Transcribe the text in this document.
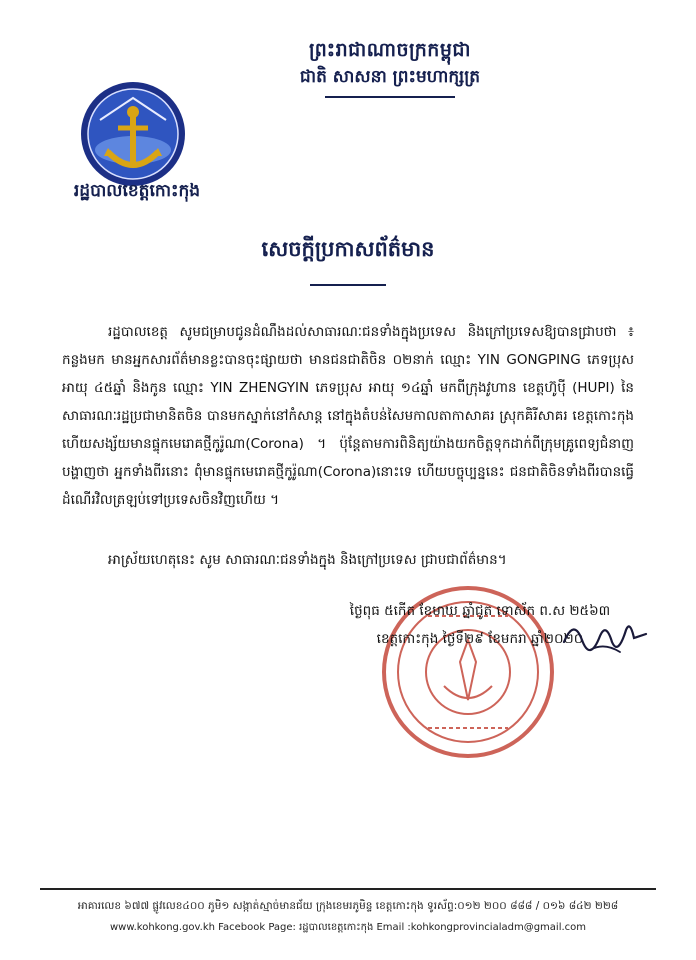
ព្រះរាជាណាចក្រកម្ពុជា
ជាតិ សាសនា ព្រះមហាក្សត្រ
រដ្ឋបាលខេត្តកោះកុង
សេចក្តីប្រកាសព័ត៌មាន
រដ្ឋបាលខេត្ត សូមជម្រាបជូនដំណឹងដល់សាធារណៈជនទាំងក្នុងប្រទេស និងក្រៅប្រទេសឱ្យបានជ្រាបថា ៖ កន្លងមក មានអ្នកសារព័ត៌មានខ្លះបានចុះផ្សាយថា មានជនជាតិចិន ០២នាក់ ឈ្មោះ YIN GONGPING ភេទប្រុស អាយុ ៤៥ឆ្នាំ និងកូន ឈ្មោះ YIN ZHENGYIN ភេទប្រុស អាយុ ១៤ឆ្នាំ មកពីក្រុងវូហាន ខេត្តហ៊ូប៉ី (HUPI) នៃសាធារណៈរដ្ឋប្រជាមានិតចិន បានមកស្នាក់នៅកំសាន្ត នៅក្នុងតំបន់សៃមកាលតាកាសាគរ ស្រុកគិរីសាគរ ខេត្តកោះកុង ហើយសង្ស័យមានផ្ទុកមេរោគថ្មីកូរ៉ូណា(Corona) ។ ប៉ុន្តែតាមការពិនិត្យយ៉ាងយកចិត្តទុកដាក់ពីក្រុមគ្រូពេទ្យជំនាញបង្ហាញថា អ្នកទាំងពីរនោះ ពុំមានផ្ទុកមេរោគថ្មីកូរ៉ូណា(Corona)នោះទេ ហើយបច្ចុប្បន្ននេះ ជនជាតិចិនទាំងពីរបានធ្វើដំណើរវិលត្រឡប់ទៅប្រទេសចិនវិញហើយ ។
អាស្រ័យហេតុនេះ សូម សាធារណៈជនទាំងក្នុង និងក្រៅប្រទេស ជ្រាបជាព័ត៌មាន។
ថ្ងៃពុធ ៥កើត ខែមាឃ ឆ្នាំជូត ទោស័ក ព.ស ២៥៦៣
ខេត្តកោះកុង ថ្ងៃទី២៩ ខែមករា ឆ្នាំ២០២០
អាគារលេខ ៦៧៧ ផ្លូវលេខ៤០០ ភូមិ១ សង្កាត់ស្មាច់មានជ័យ ក្រុងខេមរភូមិន្ទ ខេត្តកោះកុង ទូរស័ព្ទ:០១២ ២០០ ៨៨៨ / ០១៦ ៨៤២ ២២៨
www.kohkong.gov.kh Facebook Page: រដ្ឋបាលខេត្តកោះកុង Email :kohkongprovincialadm@gmail.com
